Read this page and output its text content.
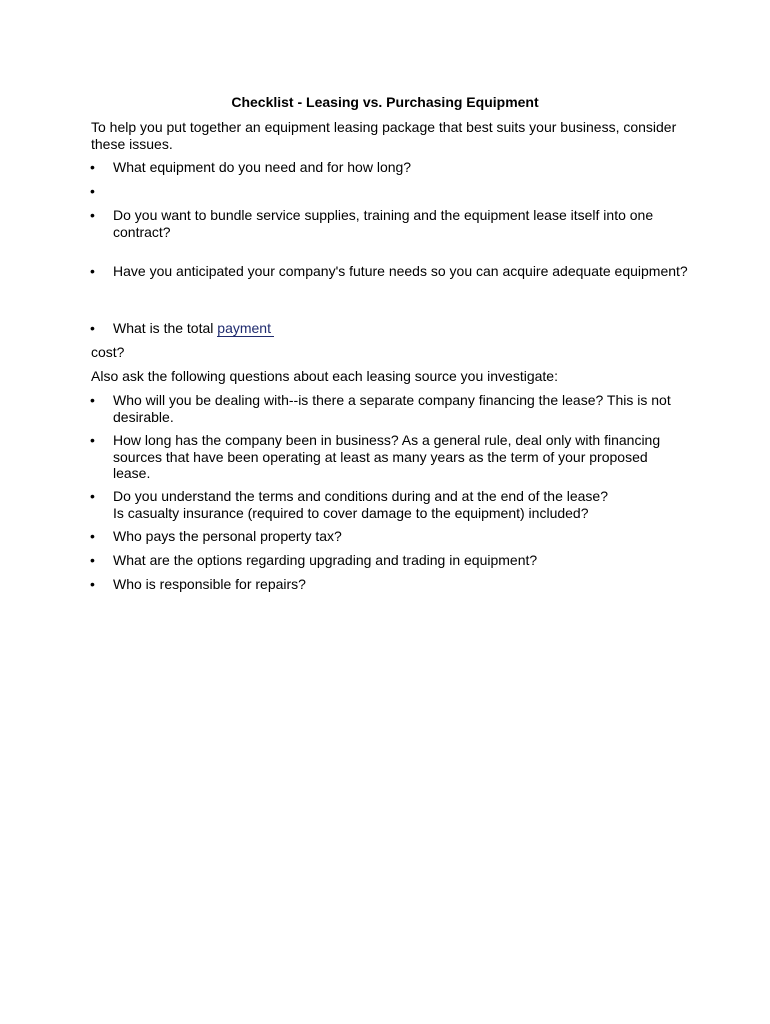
Checklist - Leasing vs. Purchasing Equipment
To help you put together an equipment leasing package that best suits your business, consider these issues.
•	What equipment do you need and for how long?
•
•	Do you want to bundle service supplies, training and the equipment lease itself into one contract?
•	Have you anticipated your company's future needs so you can acquire adequate equipment?
•	What is the total payment
cost?
Also ask the following questions about each leasing source you investigate:
•	Who will you be dealing with--is there a separate company financing the lease? This is not desirable.
•	How long has the company been in business? As a general rule, deal only with financing sources that have been operating at least as many years as the term of your proposed lease.
•	Do you understand the terms and conditions during and at the end of the lease?
Is casualty insurance (required to cover damage to the equipment) included?
•	Who pays the personal property tax?
•	What are the options regarding upgrading and trading in equipment?
•	Who is responsible for repairs?
